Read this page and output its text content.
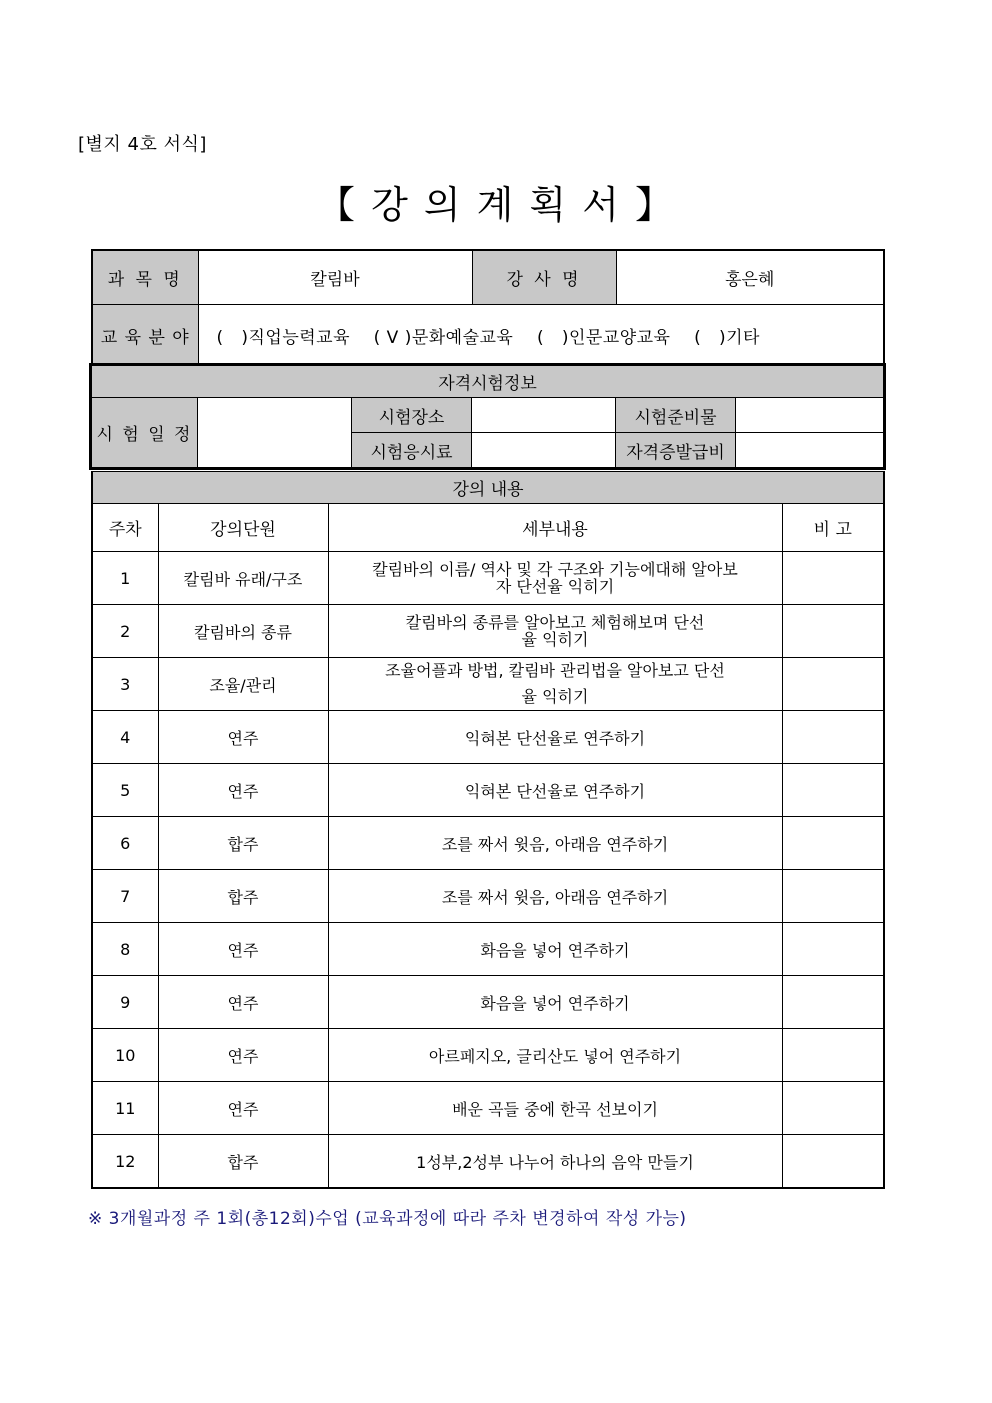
[별지 4호 서식]
【 강 의 계 획 서 】
과 목 명	칼림바	강 사 명	홍은혜
교 육 분 야	(   )직업능력교육    ( V )문화예술교육    (   )인문교양교육    (   )기타		
자격시험정보					
시 험 일 정		시험장소		시험준비물	
		시험응시료		자격증발급비	
강의 내용			
주차	강의단원	세부내용	비 고
1	칼림바 유래/구조	칼림바의 이름/ 역사 및 각 구조와 기능에대해 알아보자 단선율 익히기	
2	칼림바의 종류	칼림바의 종류를 알아보고 체험해보며 단선율 익히기	
3	조율/관리	조율어플과 방법, 칼림바 관리법을 알아보고 단선율 익히기	
4	연주	익혀본 단선율로 연주하기	
5	연주	익혀본 단선율로 연주하기	
6	합주	조를 짜서 윗음, 아래음 연주하기	
7	합주	조를 짜서 윗음, 아래음 연주하기	
8	연주	화음을 넣어 연주하기	
9	연주	화음을 넣어 연주하기	
10	연주	아르페지오, 글리산도 넣어 연주하기	
11	연주	배운 곡들 중에 한곡 선보이기	
12	합주	1성부,2성부 나누어 하나의 음악 만들기	
※ 3개월과정 주 1회(총12회)수업 (교육과정에 따라 주차 변경하여 작성 가능)
